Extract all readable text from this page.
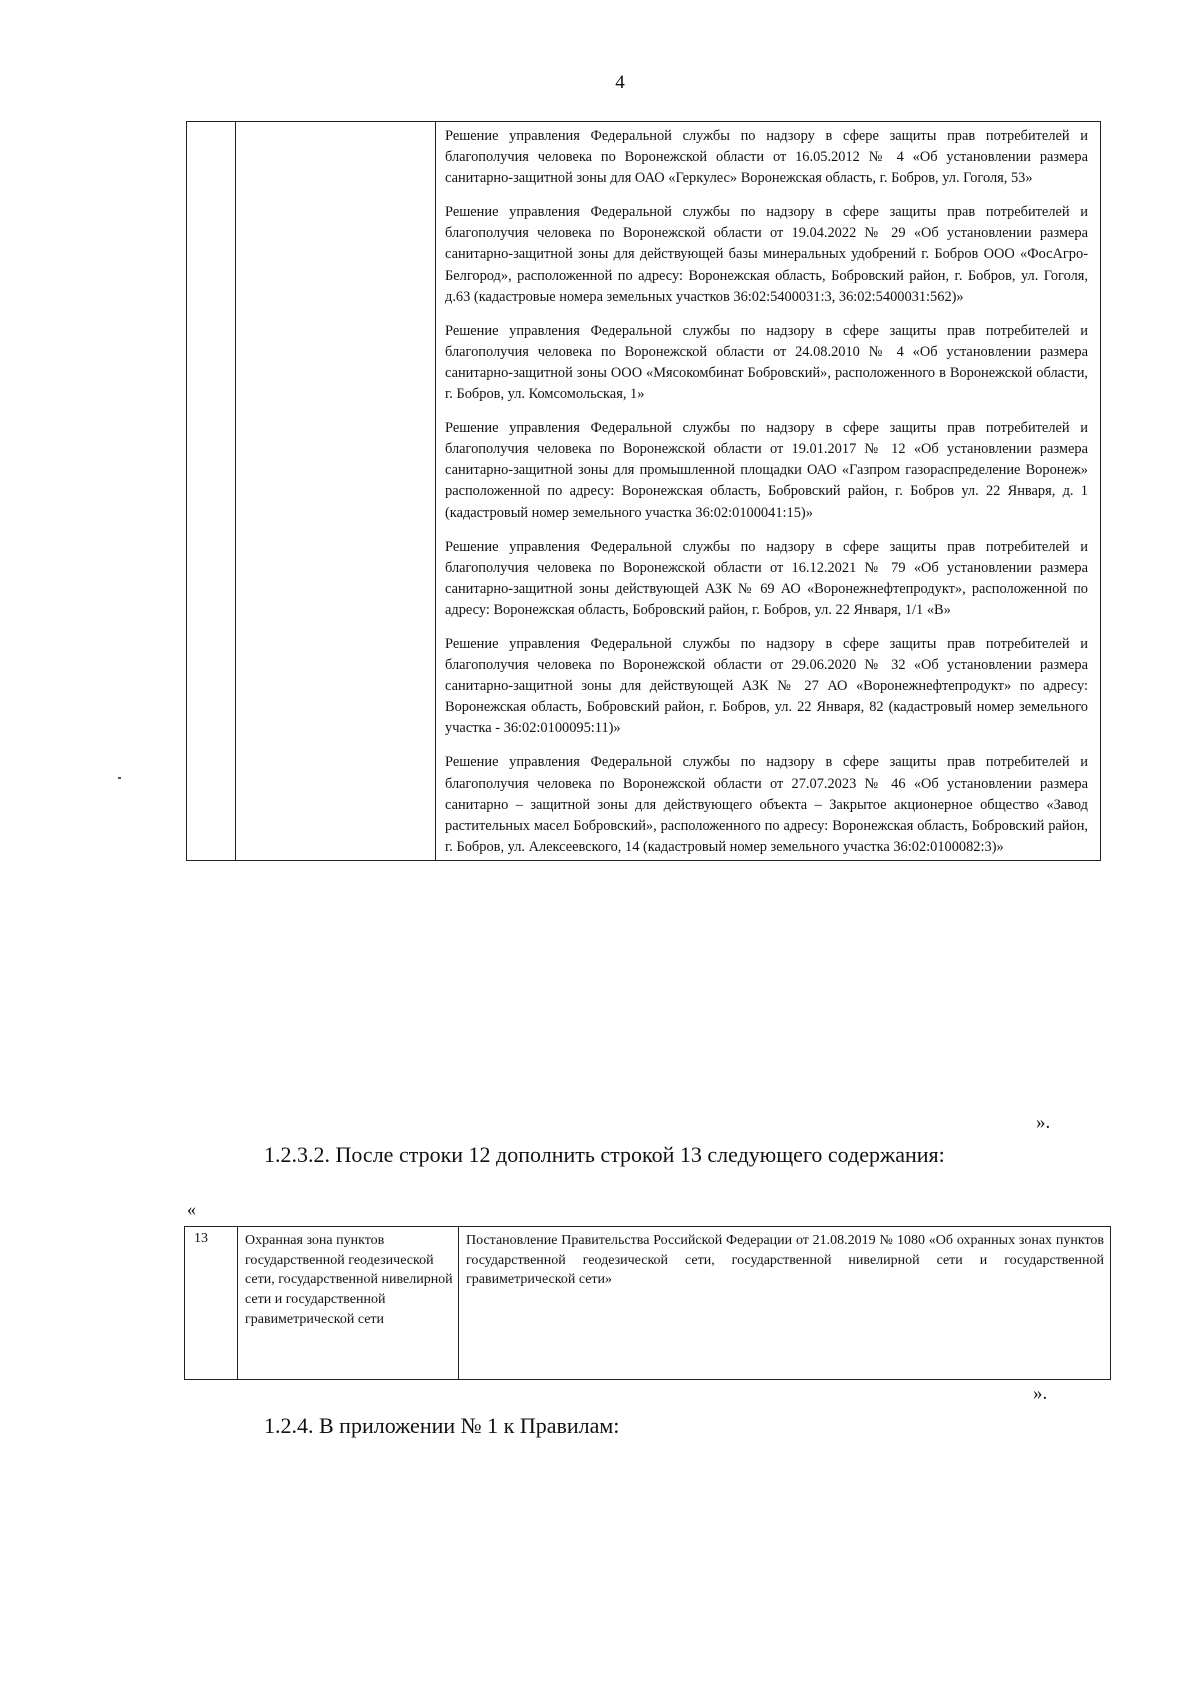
4

Решение управления Федеральной службы по надзору в сфере защиты прав потребителей и благополучия человека по Воронежской области от 16.05.2012 № 4 «Об установлении размера санитарно-защитной зоны для ОАО «Геркулес» Воронежская область, г. Бобров, ул. Гоголя, 53»

Решение управления Федеральной службы по надзору в сфере защиты прав потребителей и благополучия человека по Воронежской области от 19.04.2022 № 29 «Об установлении размера санитарно-защитной зоны для действующей базы минеральных удобрений г. Бобров ООО «ФосАгро-Белгород», расположенной по адресу: Воронежская область, Бобровский район, г. Бобров, ул. Гоголя, д.63 (кадастровые номера земельных участков 36:02:5400031:3, 36:02:5400031:562)»

Решение управления Федеральной службы по надзору в сфере защиты прав потребителей и благополучия человека по Воронежской области от 24.08.2010 № 4 «Об установлении размера санитарно-защитной зоны ООО «Мясокомбинат Бобровский», расположенного в Воронежской области, г. Бобров, ул. Комсомольская, 1»

Решение управления Федеральной службы по надзору в сфере защиты прав потребителей и благополучия человека по Воронежской области от 19.01.2017 № 12 «Об установлении размера санитарно-защитной зоны для промышленной площадки ОАО «Газпром газораспределение Воронеж» расположенной по адресу: Воронежская область, Бобровский район, г. Бобров ул. 22 Января, д. 1 (кадастровый номер земельного участка 36:02:0100041:15)»

Решение управления Федеральной службы по надзору в сфере защиты прав потребителей и благополучия человека по Воронежской области от 16.12.2021 № 79 «Об установлении размера санитарно-защитной зоны действующей АЗК № 69 АО «Воронежнефтепродукт», расположенной по адресу: Воронежская область, Бобровский район, г. Бобров, ул. 22 Января, 1/1 «В»

Решение управления Федеральной службы по надзору в сфере защиты прав потребителей и благополучия человека по Воронежской области от 29.06.2020 № 32 «Об установлении размера санитарно-защитной зоны для действующей АЗК № 27 АО «Воронежнефтепродукт» по адресу: Воронежская область, Бобровский район, г. Бобров, ул. 22 Января, 82 (кадастровый номер земельного участка - 36:02:0100095:11)»

Решение управления Федеральной службы по надзору в сфере защиты прав потребителей и благополучия человека по Воронежской области от 27.07.2023 № 46 «Об установлении размера санитарно – защитной зоны для действующего объекта – Закрытое акционерное общество «Завод растительных масел Бобровский», расположенного по адресу: Воронежская область, Бобровский район, г. Бобров, ул. Алексеевского, 14 (кадастровый номер земельного участка 36:02:0100082:3)»

».
1.2.3.2. После строки 12 дополнить строкой 13 следующего содержания:
«
13	Охранная зона пунктов государственной геодезической сети, государственной нивелирной сети и государственной гравиметрической сети	Постановление Правительства Российской Федерации от 21.08.2019 № 1080 «Об охранных зонах пунктов государственной геодезической сети, государственной нивелирной сети и государственной гравиметрической сети»
».
1.2.4. В приложении № 1 к Правилам:
